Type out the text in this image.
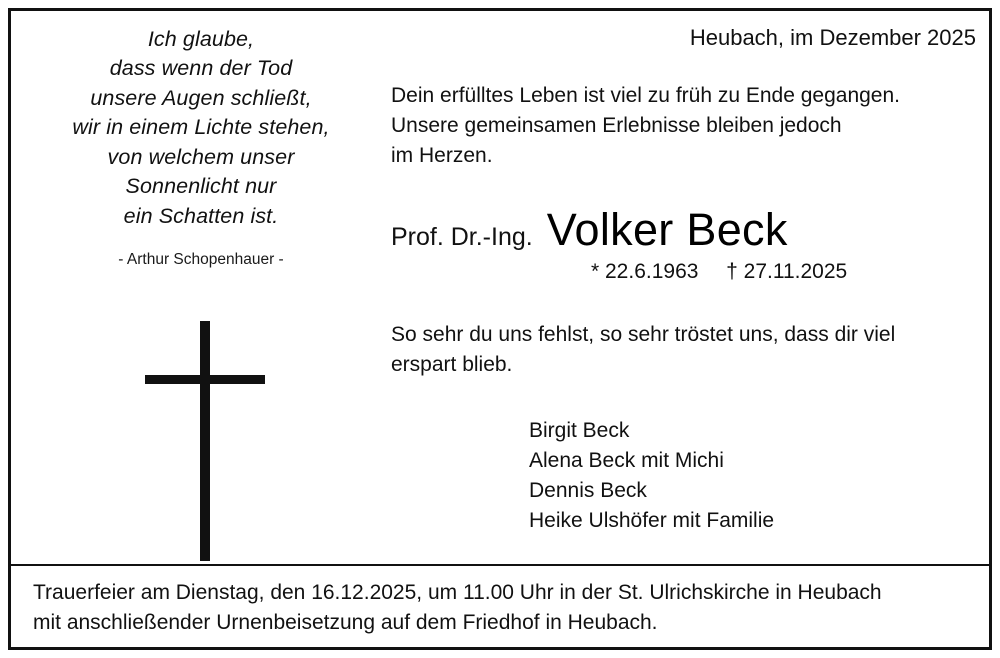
Ich glaube,
dass wenn der Tod
unsere Augen schließt,
wir in einem Lichte stehen,
von welchem unser
Sonnenlicht nur
ein Schatten ist.
- Arthur Schopenhauer -
Heubach, im Dezember 2025
Dein erfülltes Leben ist viel zu früh zu Ende gegangen.
Unsere gemeinsamen Erlebnisse bleiben jedoch
im Herzen.
Prof. Dr.-Ing. Volker Beck
* 22.6.1963 † 27.11.2025
So sehr du uns fehlst, so sehr tröstet uns, dass dir viel
erspart blieb.
Birgit Beck
Alena Beck mit Michi
Dennis Beck
Heike Ulshöfer mit Familie
Trauerfeier am Dienstag, den 16.12.2025, um 11.00 Uhr in der St. Ulrichskirche in Heubach
mit anschließender Urnenbeisetzung auf dem Friedhof in Heubach.
